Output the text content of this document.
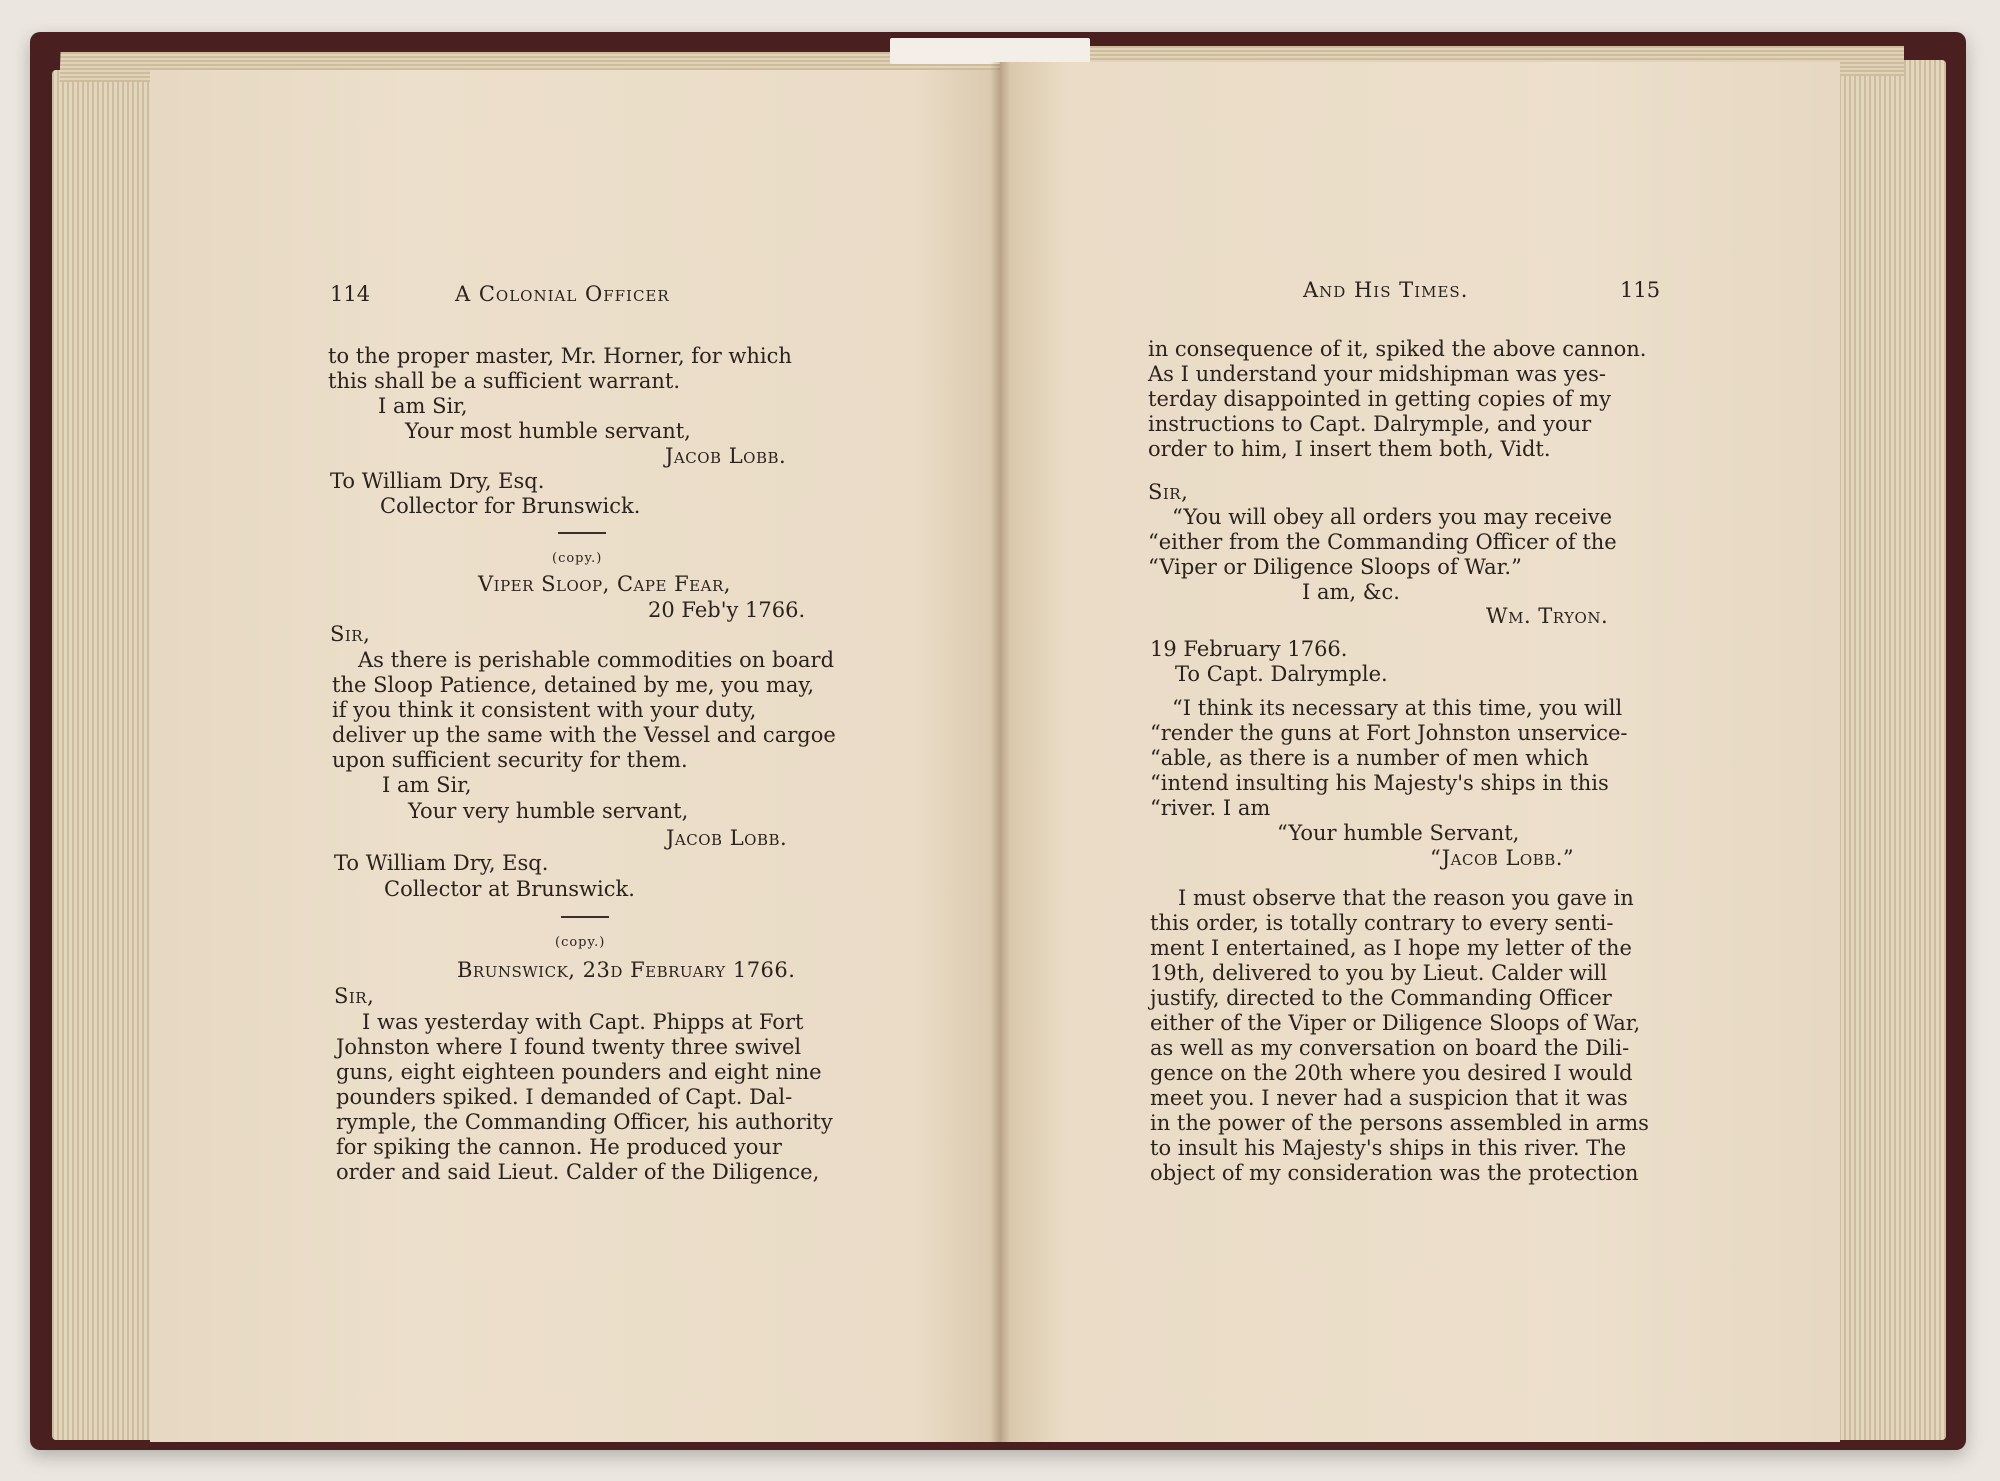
114	A Colonial Officer
to the proper master, Mr. Horner, for which
this shall be a sufficient warrant.
I am Sir,
Your most humble servant,
Jacob Lobb.
To William Dry, Esq.
Collector for Brunswick.
(copy.)
Viper Sloop, Cape Fear,
20 Feb'y 1766.
Sir,
As there is perishable commodities on board
the Sloop Patience, detained by me, you may,
if you think it consistent with your duty,
deliver up the same with the Vessel and cargoe
upon sufficient security for them.
I am Sir,
Your very humble servant,
Jacob Lobb.
To William Dry, Esq.
Collector at Brunswick.
(copy.)
Brunswick, 23d February 1766.
Sir,
I was yesterday with Capt. Phipps at Fort
Johnston where I found twenty three swivel
guns, eight eighteen pounders and eight nine
pounders spiked. I demanded of Capt. Dal-
rymple, the Commanding Officer, his authority
for spiking the cannon. He produced your
order and said Lieut. Calder of the Diligence,
And His Times.	115
in consequence of it, spiked the above cannon.
As I understand your midshipman was yes-
terday disappointed in getting copies of my
instructions to Capt. Dalrymple, and your
order to him, I insert them both, Vidt.
Sir,
“You will obey all orders you may receive
“either from the Commanding Officer of the
“Viper or Diligence Sloops of War.”
I am, &c.
Wm. Tryon.
19 February 1766.
To Capt. Dalrymple.
“I think its necessary at this time, you will
“render the guns at Fort Johnston unservice-
“able, as there is a number of men which
“intend insulting his Majesty's ships in this
“river. I am
“Your humble Servant,
“Jacob Lobb.”
I must observe that the reason you gave in
this order, is totally contrary to every senti-
ment I entertained, as I hope my letter of the
19th, delivered to you by Lieut. Calder will
justify, directed to the Commanding Officer
either of the Viper or Diligence Sloops of War,
as well as my conversation on board the Dili-
gence on the 20th where you desired I would
meet you. I never had a suspicion that it was
in the power of the persons assembled in arms
to insult his Majesty's ships in this river. The
object of my consideration was the protection
